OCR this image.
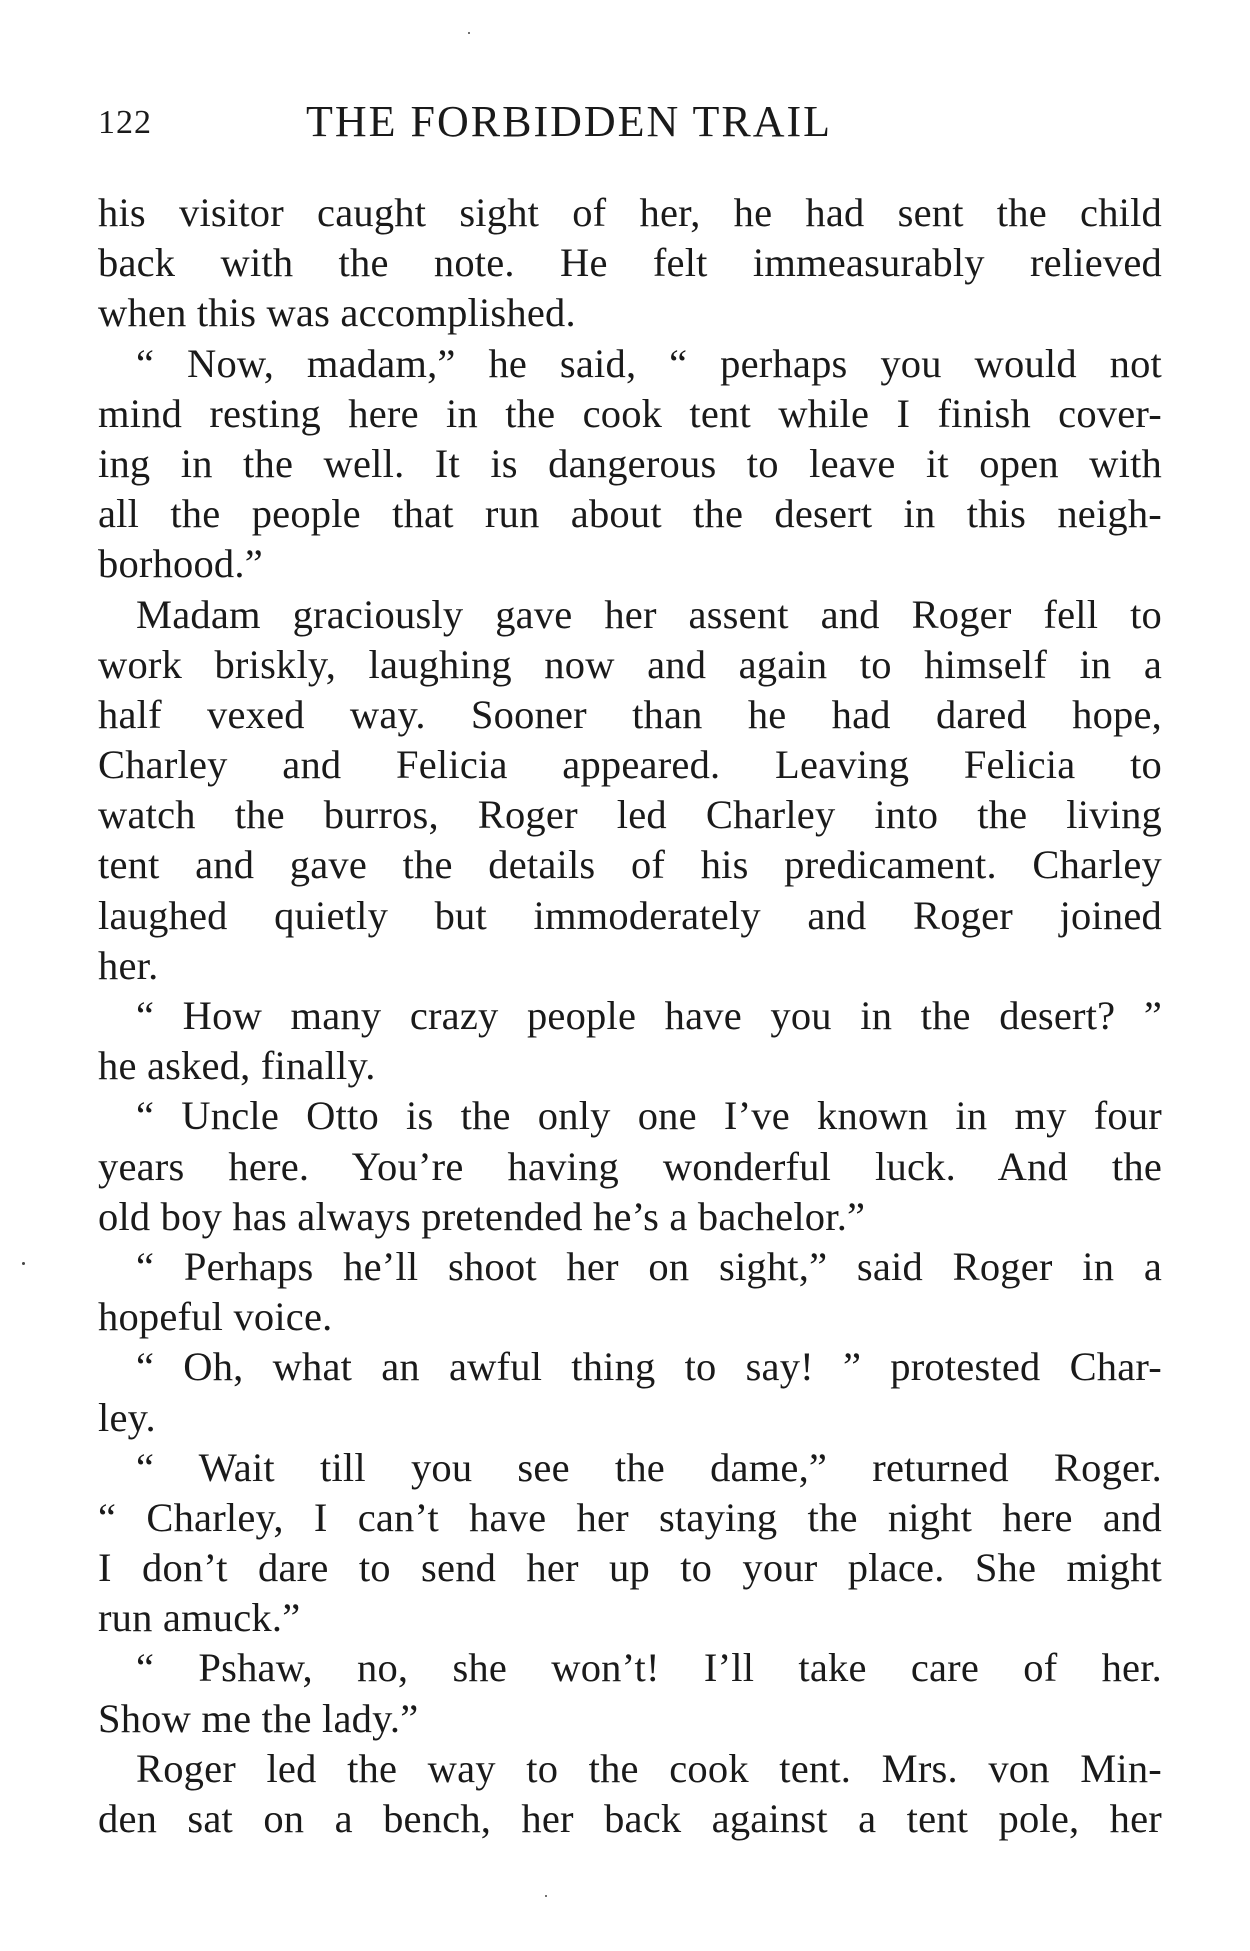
122	THE FORBIDDEN TRAIL
his visitor caught sight of her, he had sent the child
back with the note. He felt immeasurably relieved
when this was accomplished.
“ Now, madam,” he said, “ perhaps you would not
mind resting here in the cook tent while I finish cover-
ing in the well. It is dangerous to leave it open with
all the people that run about the desert in this neigh-
borhood.”
Madam graciously gave her assent and Roger fell to
work briskly, laughing now and again to himself in a
half vexed way. Sooner than he had dared hope,
Charley and Felicia appeared. Leaving Felicia to
watch the burros, Roger led Charley into the living
tent and gave the details of his predicament. Charley
laughed quietly but immoderately and Roger joined
her.
“ How many crazy people have you in the desert? ”
he asked, finally.
“ Uncle Otto is the only one I’ve known in my four
years here. You’re having wonderful luck. And the
old boy has always pretended he’s a bachelor.”
“ Perhaps he’ll shoot her on sight,” said Roger in a
hopeful voice.
“ Oh, what an awful thing to say! ” protested Char-
ley.
“ Wait till you see the dame,” returned Roger.
“ Charley, I can’t have her staying the night here and
I don’t dare to send her up to your place. She might
run amuck.”
“ Pshaw, no, she won’t! I’ll take care of her.
Show me the lady.”
Roger led the way to the cook tent. Mrs. von Min-
den sat on a bench, her back against a tent pole, her
